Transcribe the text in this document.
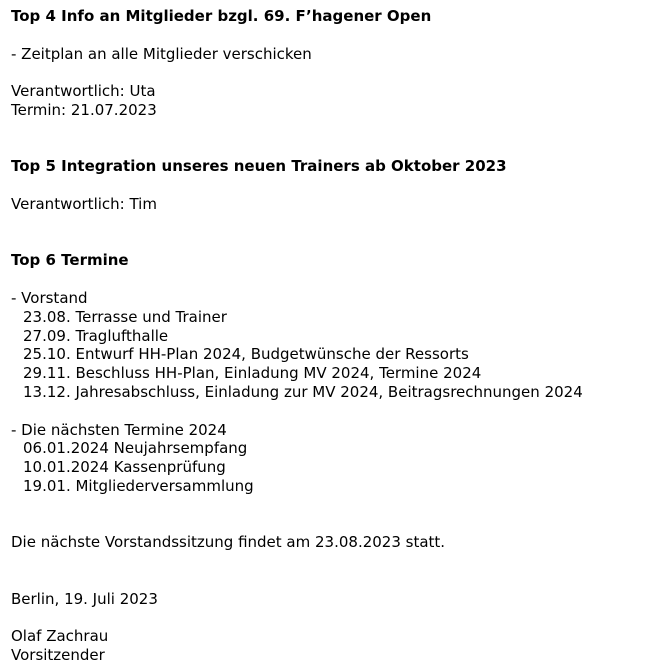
Top 4 Info an Mitglieder bzgl. 69. F’hagener Open
- Zeitplan an alle Mitglieder verschicken
Verantwortlich: Uta
Termin: 21.07.2023
Top 5 Integration unseres neuen Trainers ab Oktober 2023
Verantwortlich: Tim
Top 6 Termine
- Vorstand
23.08. Terrasse und Trainer
27.09. Traglufthalle
25.10. Entwurf HH-Plan 2024, Budgetwünsche der Ressorts
29.11. Beschluss HH-Plan, Einladung MV 2024, Termine 2024
13.12. Jahresabschluss, Einladung zur MV 2024, Beitragsrechnungen 2024
- Die nächsten Termine 2024
06.01.2024 Neujahrsempfang
10.01.2024 Kassenprüfung
19.01. Mitgliederversammlung
Die nächste Vorstandssitzung findet am 23.08.2023 statt.
Berlin, 19. Juli 2023
Olaf Zachrau
Vorsitzender
